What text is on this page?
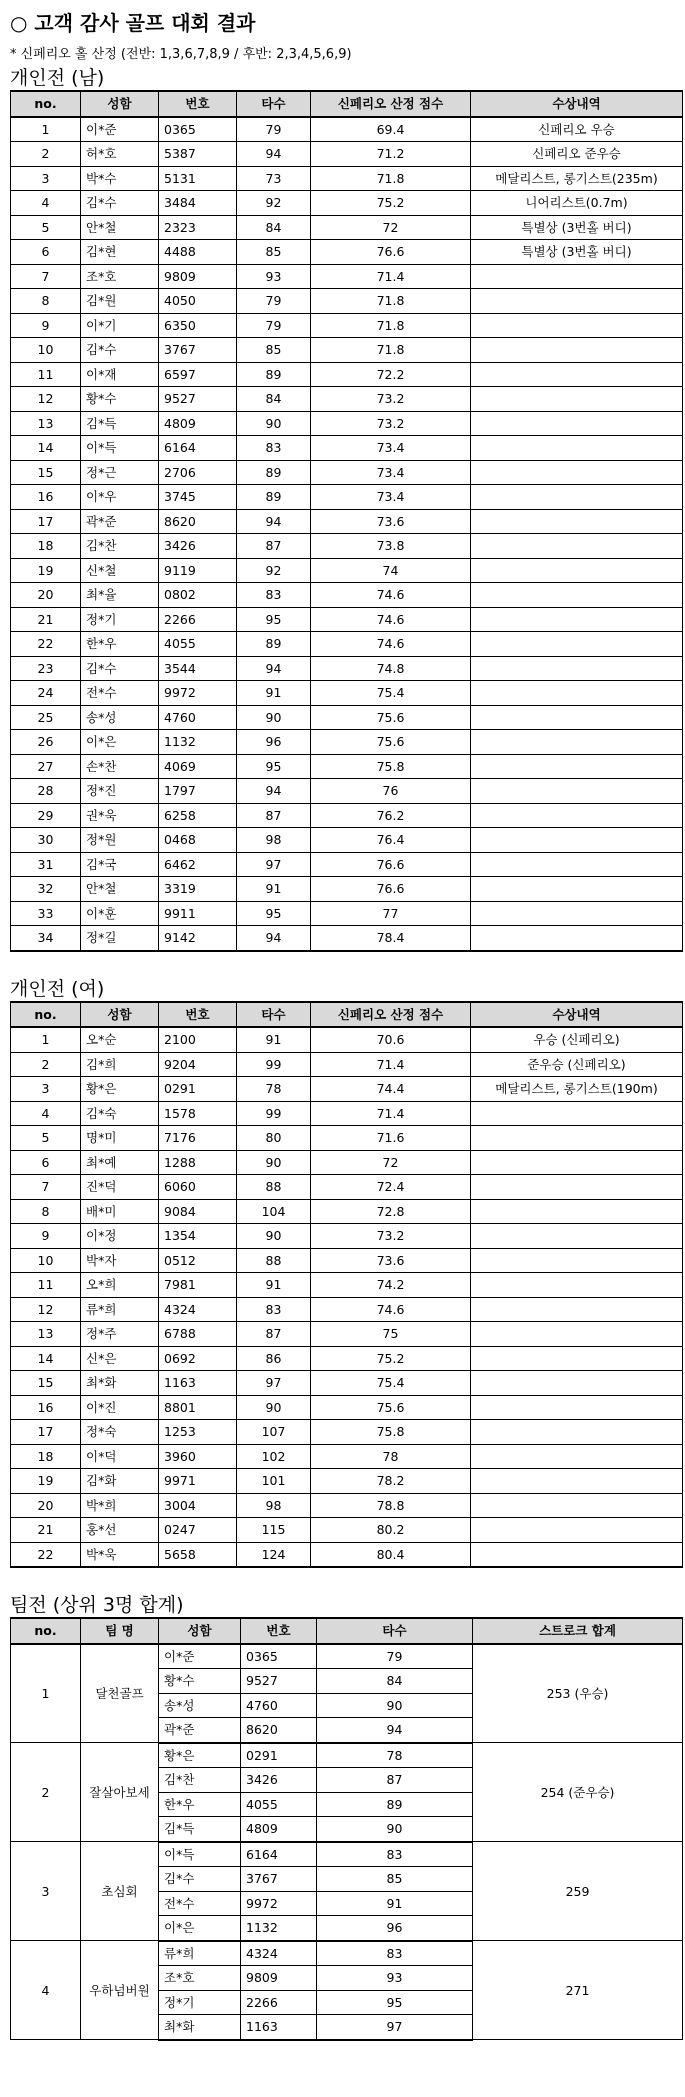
○ 고객 감사 골프 대회 결과
* 신페리오 홀 산정 (전반: 1,3,6,7,8,9 / 후반: 2,3,4,5,6,9)
개인전 (남)
no.	성함	번호	타수	신페리오 산정 점수	수상내역
1	이*준	0365	79	69.4	신페리오 우승
2	허*호	5387	94	71.2	신페리오 준우승
3	박*수	5131	73	71.8	메달리스트, 롱기스트(235m)
4	김*수	3484	92	75.2	니어리스트(0.7m)
5	안*철	2323	84	72	특별상 (3번홀 버디)
6	김*현	4488	85	76.6	특별상 (3번홀 버디)
7	조*호	9809	93	71.4	
8	김*원	4050	79	71.8	
9	이*기	6350	79	71.8	
10	김*수	3767	85	71.8	
11	이*재	6597	89	72.2	
12	황*수	9527	84	73.2	
13	김*득	4809	90	73.2	
14	이*득	6164	83	73.4	
15	정*근	2706	89	73.4	
16	이*우	3745	89	73.4	
17	곽*준	8620	94	73.6	
18	김*찬	3426	87	73.8	
19	신*철	9119	92	74	
20	최*율	0802	83	74.6	
21	정*기	2266	95	74.6	
22	한*우	4055	89	74.6	
23	김*수	3544	94	74.8	
24	전*수	9972	91	75.4	
25	송*성	4760	90	75.6	
26	이*은	1132	96	75.6	
27	손*찬	4069	95	75.8	
28	정*진	1797	94	76	
29	권*욱	6258	87	76.2	
30	정*원	0468	98	76.4	
31	김*국	6462	97	76.6	
32	안*철	3319	91	76.6	
33	이*훈	9911	95	77	
34	정*길	9142	94	78.4	
개인전 (여)
no.	성함	번호	타수	신페리오 산정 점수	수상내역
1	오*순	2100	91	70.6	우승 (신페리오)
2	김*희	9204	99	71.4	준우승 (신페리오)
3	황*은	0291	78	74.4	메달리스트, 롱기스트(190m)
4	김*숙	1578	99	71.4	
5	명*미	7176	80	71.6	
6	최*예	1288	90	72	
7	진*덕	6060	88	72.4	
8	배*미	9084	104	72.8	
9	이*정	1354	90	73.2	
10	박*자	0512	88	73.6	
11	오*희	7981	91	74.2	
12	류*희	4324	83	74.6	
13	정*주	6788	87	75	
14	신*은	0692	86	75.2	
15	최*화	1163	97	75.4	
16	이*진	8801	90	75.6	
17	정*숙	1253	107	75.8	
18	이*덕	3960	102	78	
19	김*화	9971	101	78.2	
20	박*희	3004	98	78.8	
21	홍*선	0247	115	80.2	
22	박*욱	5658	124	80.4	
팀전 (상위 3명 합계)
no.	팀 명	성함	번호	타수	스트로크 합계
1	달천골프	이*준	0365	79	253 (우승)
		황*수	9527	84	
		송*성	4760	90	
		곽*준	8620	94	
2	잘살아보세	황*은	0291	78	254 (준우승)
		김*찬	3426	87	
		한*우	4055	89	
		김*득	4809	90	
3	초심회	이*득	6164	83	259
		김*수	3767	85	
		전*수	9972	91	
		이*은	1132	96	
4	우하넘버원	류*희	4324	83	271
		조*호	9809	93	
		정*기	2266	95	
		최*화	1163	97	
